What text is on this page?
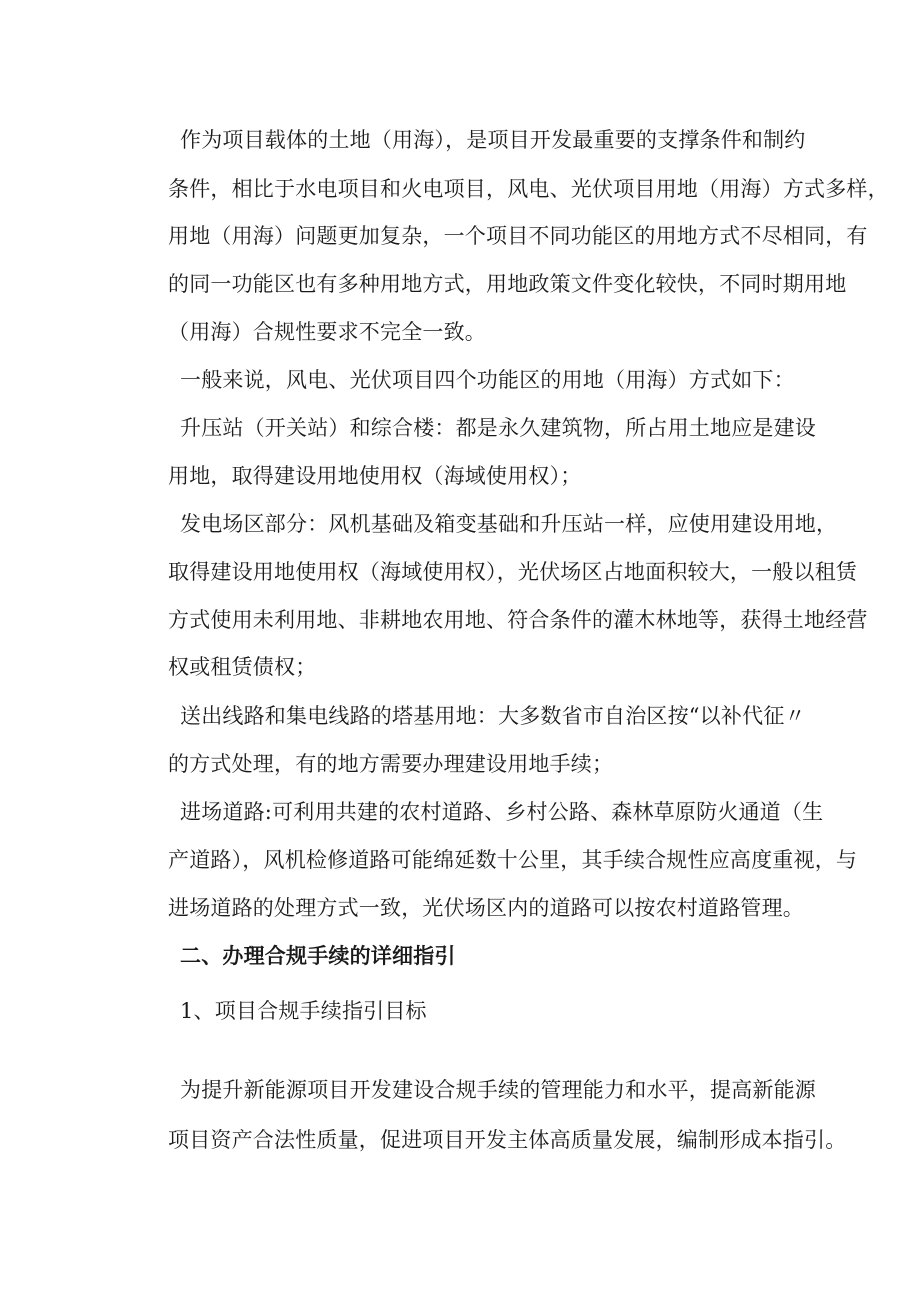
作为项目载体的土地（用海），是项目开发最重要的支撑条件和制约
条件，相比于水电项目和火电项目，风电、光伏项目用地（用海）方式多样，
用地（用海）问题更加复杂，一个项目不同功能区的用地方式不尽相同，有
的同一功能区也有多种用地方式，用地政策文件变化较快，不同时期用地
（用海）合规性要求不完全一致。
一般来说，风电、光伏项目四个功能区的用地（用海）方式如下：
升压站（开关站）和综合楼：都是永久建筑物，所占用土地应是建设
用地，取得建设用地使用权（海域使用权）；
发电场区部分：风机基础及箱变基础和升压站一样，应使用建设用地，
取得建设用地使用权（海域使用权），光伏场区占地面积较大，一般以租赁
方式使用未利用地、非耕地农用地、符合条件的灌木林地等，获得土地经营
权或租赁债权；
送出线路和集电线路的塔基用地：大多数省市自治区按“以补代征〃
的方式处理，有的地方需要办理建设用地手续；
进场道路:可利用共建的农村道路、乡村公路、森林草原防火通道（生
产道路），风机检修道路可能绵延数十公里，其手续合规性应高度重视，与
进场道路的处理方式一致，光伏场区内的道路可以按农村道路管理。
二、办理合规手续的详细指引
1、项目合规手续指引目标
为提升新能源项目开发建设合规手续的管理能力和水平，提高新能源
项目资产合法性质量，促进项目开发主体高质量发展，编制形成本指引。
